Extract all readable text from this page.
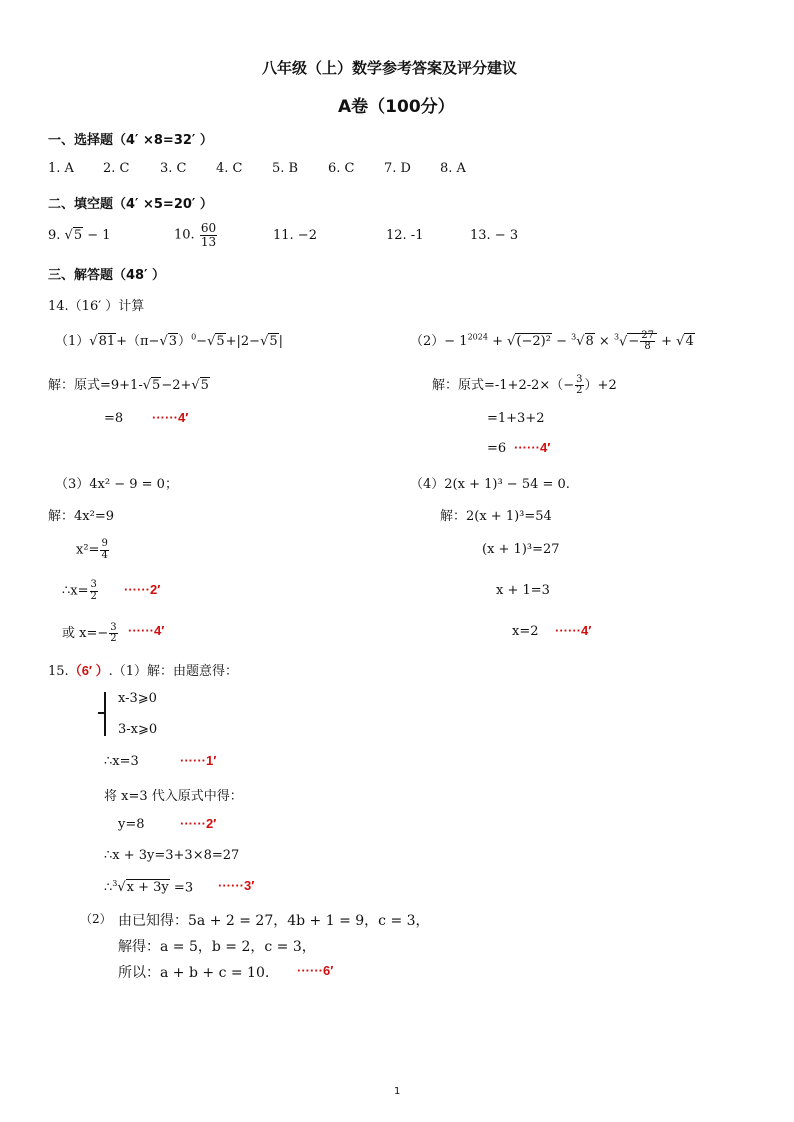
八年级（上）数学参考答案及评分建议
A卷（100分）
一、选择题（4′ ×8=32′ ）
1. A 2. C 3. C 4. C 5. B 6. C 7. D 8. A
二、填空题（4′ ×5=20′ ）
9. √5 − 1	10. $\frac{60}{13}$	11. −2	12. -1	13. − 3
三、解答题（48′ ）
14.（16′ ）计算
$(1)√81+(\pi-√3)^0-√5+|2-√5|$
解：原式=9+1-√5−2+√5
=8 ······4′
$(2)- 1^{2024} + √(-2)^2 - ^3√8 \times ^3√- \frac{27}{8} + √4$
解：原式$=-1+2-2\times(- \frac{3}{2} )+2$
=1+3+2
=6 ······4′
（3）4x² − 9 = 0；
解：4x²=9
$x^2= \frac{9}{4}$
∴x= $\frac{3}{2} \cdot\cdot\cdot\cdot\cdot\cdot 2'$
或 $x=- \frac{3}{2} \cdot\cdot\cdot\cdot\cdot\cdot 4'$
（4）2(x + 1)³ − 54 = 0.
解：2(x + 1)³=54
(x + 1)³=27
x + 1=3
x=2 ······4′
15.（6′ ）.（1）解：由题意得：
x-3⩾0
3-x⩾0
∴x=3	······1′
将 x=3 代入原式中得：
y=8	······2′
∴x + 3y=3+3×8=27
∴$^3$√x + 3y =3 ······3′
（2） 由已知得：5a + 2 = 27，4b + 1 = 9，c = 3，
解得：a = 5，b = 2，c = 3，
所以：a + b + c = 10. ······6′
1
